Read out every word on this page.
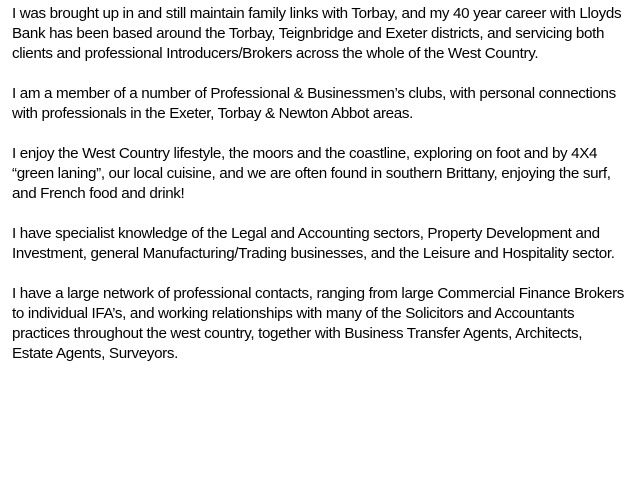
I was brought up in and still maintain family links with Torbay, and my 40 year career with Lloyds Bank has been based around the Torbay, Teignbridge and Exeter districts, and servicing both clients and professional Introducers/Brokers across the whole of the West Country.

I am a member of a number of Professional & Businessmen’s clubs, with personal connections with professionals in the Exeter, Torbay & Newton Abbot areas.

I enjoy the West Country lifestyle, the moors and the coastline, exploring on foot and by 4X4 “green laning”, our local cuisine, and we are often found in southern Brittany, enjoying the surf, and French food and drink!

I have specialist knowledge of the Legal and Accounting sectors, Property Development and Investment, general Manufacturing/Trading businesses, and the Leisure and Hospitality sector.

I have a large network of professional contacts, ranging from large Commercial Finance Brokers to individual IFA’s, and working relationships with many of the Solicitors and Accountants practices throughout the west country, together with Business Transfer Agents, Architects, Estate Agents, Surveyors.
